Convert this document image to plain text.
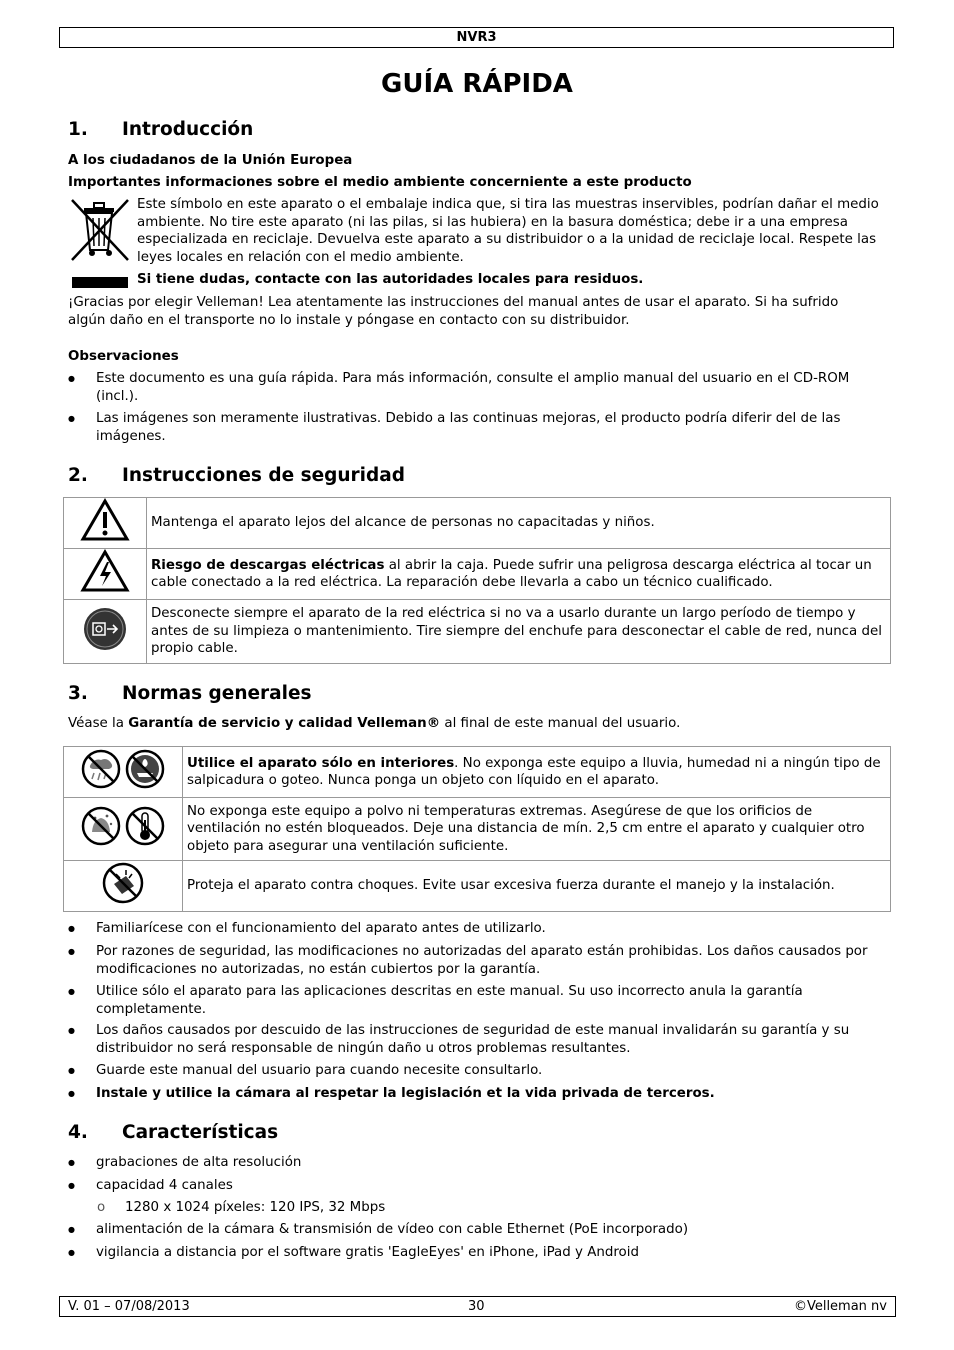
NVR3
GUÍA RÁPIDA
1. Introducción
A los ciudadanos de la Unión Europea
Importantes informaciones sobre el medio ambiente concerniente a este producto
Este símbolo en este aparato o el embalaje indica que, si tira las muestras inservibles, podrían dañar el medio ambiente. No tire este aparato (ni las pilas, si las hubiera) en la basura doméstica; debe ir a una empresa especializada en reciclaje. Devuelva este aparato a su distribuidor o a la unidad de reciclaje local. Respete las leyes locales en relación con el medio ambiente.
Si tiene dudas, contacte con las autoridades locales para residuos.
¡Gracias por elegir Velleman! Lea atentamente las instrucciones del manual antes de usar el aparato. Si ha sufrido algún daño en el transporte no lo instale y póngase en contacto con su distribuidor.
Observaciones
●	Este documento es una guía rápida. Para más información, consulte el amplio manual del usuario en el CD-ROM (incl.).
●	Las imágenes son meramente ilustrativas. Debido a las continuas mejoras, el producto podría diferir del de las imágenes.
2. Instrucciones de seguridad
	Mantenga el aparato lejos del alcance de personas no capacitadas y niños.

	Riesgo de descargas eléctricas al abrir la caja. Puede sufrir una peligrosa descarga eléctrica al tocar un cable conectado a la red eléctrica. La reparación debe llevarla a cabo un técnico cualificado.

	Desconecte siempre el aparato de la red eléctrica si no va a usarlo durante un largo período de tiempo y antes de su limpieza o mantenimiento. Tire siempre del enchufe para desconectar el cable de red, nunca del propio cable.
3. Normas generales
Véase la Garantía de servicio y calidad Velleman® al final de este manual del usuario.
	Utilice el aparato sólo en interiores. No exponga este equipo a lluvia, humedad ni a ningún tipo de salpicadura o goteo. Nunca ponga un objeto con líquido en el aparato.

	No exponga este equipo a polvo ni temperaturas extremas. Asegúrese de que los orificios de ventilación no estén bloqueados. Deje una distancia de mín. 2,5 cm entre el aparato y cualquier otro objeto para asegurar una ventilación suficiente.

	Proteja el aparato contra choques. Evite usar excesiva fuerza durante el manejo y la instalación.
●	Familiarícese con el funcionamiento del aparato antes de utilizarlo.
●	Por razones de seguridad, las modificaciones no autorizadas del aparato están prohibidas. Los daños causados por modificaciones no autorizadas, no están cubiertos por la garantía.
●	Utilice sólo el aparato para las aplicaciones descritas en este manual. Su uso incorrecto anula la garantía completamente.
●	Los daños causados por descuido de las instrucciones de seguridad de este manual invalidarán su garantía y su distribuidor no será responsable de ningún daño u otros problemas resultantes.
●	Guarde este manual del usuario para cuando necesite consultarlo.
●	Instale y utilice la cámara al respetar la legislación et la vida privada de terceros.
4. Características
●	grabaciones de alta resolución
●	capacidad 4 canales
o 1280 x 1024 píxeles: 120 IPS, 32 Mbps
●	alimentación de la cámara & transmisión de vídeo con cable Ethernet (PoE incorporado)
●	vigilancia a distancia por el software gratis 'EagleEyes' en iPhone, iPad y Android
V. 01 – 07/08/2013	30	©Velleman nv
